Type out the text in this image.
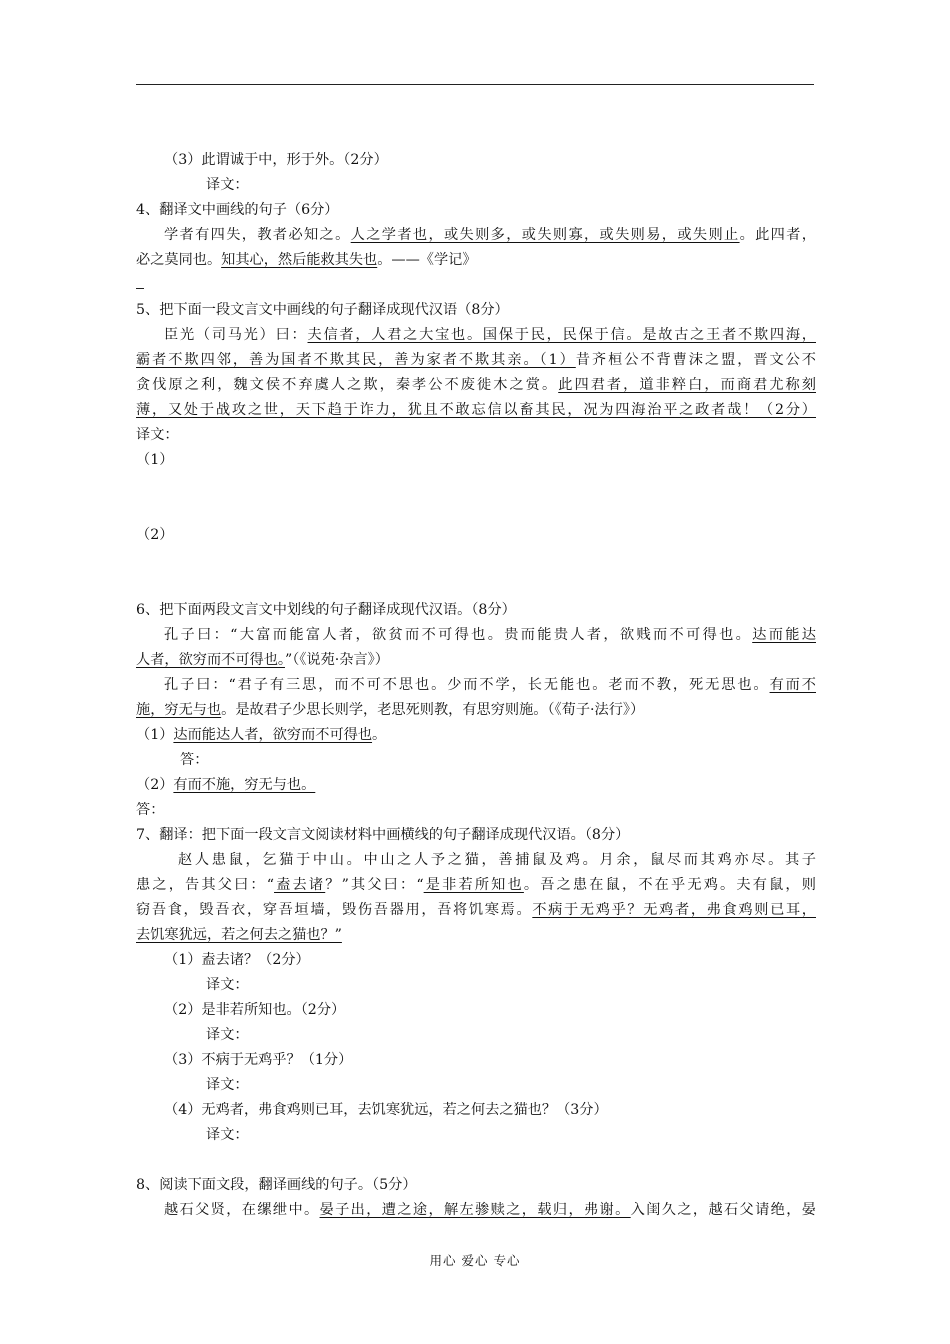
（3）此谓诚于中，形于外。（2分）
译文：
4、翻译文中画线的句子（6分）
学者有四失，教者必知之。人之学者也，或失则多，或失则寡，或失则易，或失则止。此四者，
必之莫同也。知其心，然后能救其失也。——《学记》
5、把下面一段文言文中画线的句子翻译成现代汉语（8分）
臣光（司马光）曰：夫信者，人君之大宝也。国保于民，民保于信。是故古之王者不欺四海，
霸者不欺四邻，善为国者不欺其民，善为家者不欺其亲。（1）昔齐桓公不背曹沫之盟，晋文公不
贪伐原之利，魏文侯不弃虞人之欺，秦孝公不废徙木之赏。此四君者，道非粹白，而商君尤称刻
薄，又处于战攻之世，天下趋于诈力，犹且不敢忘信以畜其民，况为四海治平之政者哉！（2分）
译文：
（1）
（2）
6、把下面两段文言文中划线的句子翻译成现代汉语。（8分）
孔子曰：“大富而能富人者，欲贫而不可得也。贵而能贵人者，欲贱而不可得也。达而能达
人者，欲穷而不可得也。”（《说苑·杂言》）
孔子曰：“君子有三思，而不可不思也。少而不学，长无能也。老而不教，死无思也。有而不
施，穷无与也。是故君子少思长则学，老思死则教，有思穷则施。（《荀子·法行》）
（1）达而能达人者，欲穷而不可得也。
答：
（2）有而不施，穷无与也。
答：
7、翻译：把下面一段文言文阅读材料中画横线的句子翻译成现代汉语。（8分）
赵人患鼠，乞猫于中山。中山之人予之猫，善捕鼠及鸡。月余，鼠尽而其鸡亦尽。其子
患之，告其父曰：“盍去诸？”其父曰：“是非若所知也。吾之患在鼠，不在乎无鸡。夫有鼠，则
窃吾食，毁吾衣，穿吾垣墙，毁伤吾器用，吾将饥寒焉。不病于无鸡乎？无鸡者，弗食鸡则已耳，
去饥寒犹远，若之何去之猫也？”
（1）盍去诸？（2分）
译文：
（2）是非若所知也。（2分）
译文：
（3）不病于无鸡乎？（1分）
译文：
（4）无鸡者，弗食鸡则已耳，去饥寒犹远，若之何去之猫也？（3分）
译文：
8、阅读下面文段，翻译画线的句子。（5分）
越石父贤，在缧绁中。晏子出，遭之途，解左骖赎之，载归，弗谢。入闺久之，越石父请绝，晏
用心 爱心 专心
